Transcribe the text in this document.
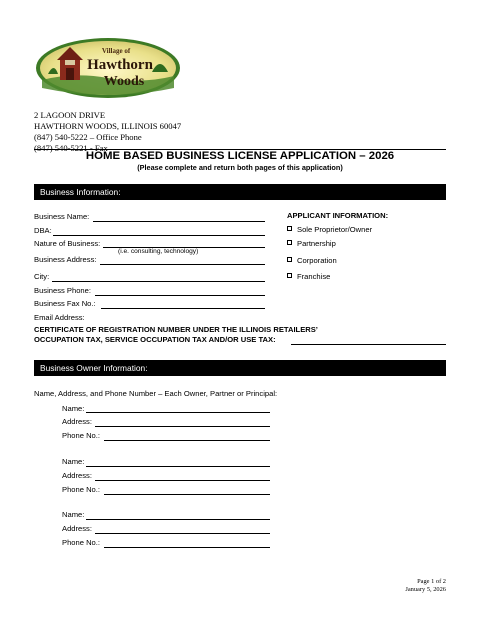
Village of
Hawthorn
Woods
2 LAGOON DRIVE
HAWTHORN WOODS, ILLINOIS 60047
(847) 540-5222 – Office Phone
(847) 540-5221 - Fax
HOME BASED BUSINESS LICENSE APPLICATION – 2026
(Please complete and return both pages of this application)
Business Information:
Business Name:
DBA:
Nature of Business:
(i.e. consulting, technology)
Business Address:
City:
Business Phone:
Business Fax No.:
Email Address:
CERTIFICATE OF REGISTRATION NUMBER UNDER THE ILLINOIS RETAILERS’
OCCUPATION TAX, SERVICE OCCUPATION TAX AND/OR USE TAX:
APPLICANT INFORMATION:
Sole Proprietor/Owner
Partnership
Corporation
Franchise
Business Owner Information:
Name, Address, and Phone Number – Each Owner, Partner or Principal:
Name:
Address:
Phone No.:
Name:
Address:
Phone No.:
Name:
Address:
Phone No.:
Page 1 of 2
January 5, 2026
